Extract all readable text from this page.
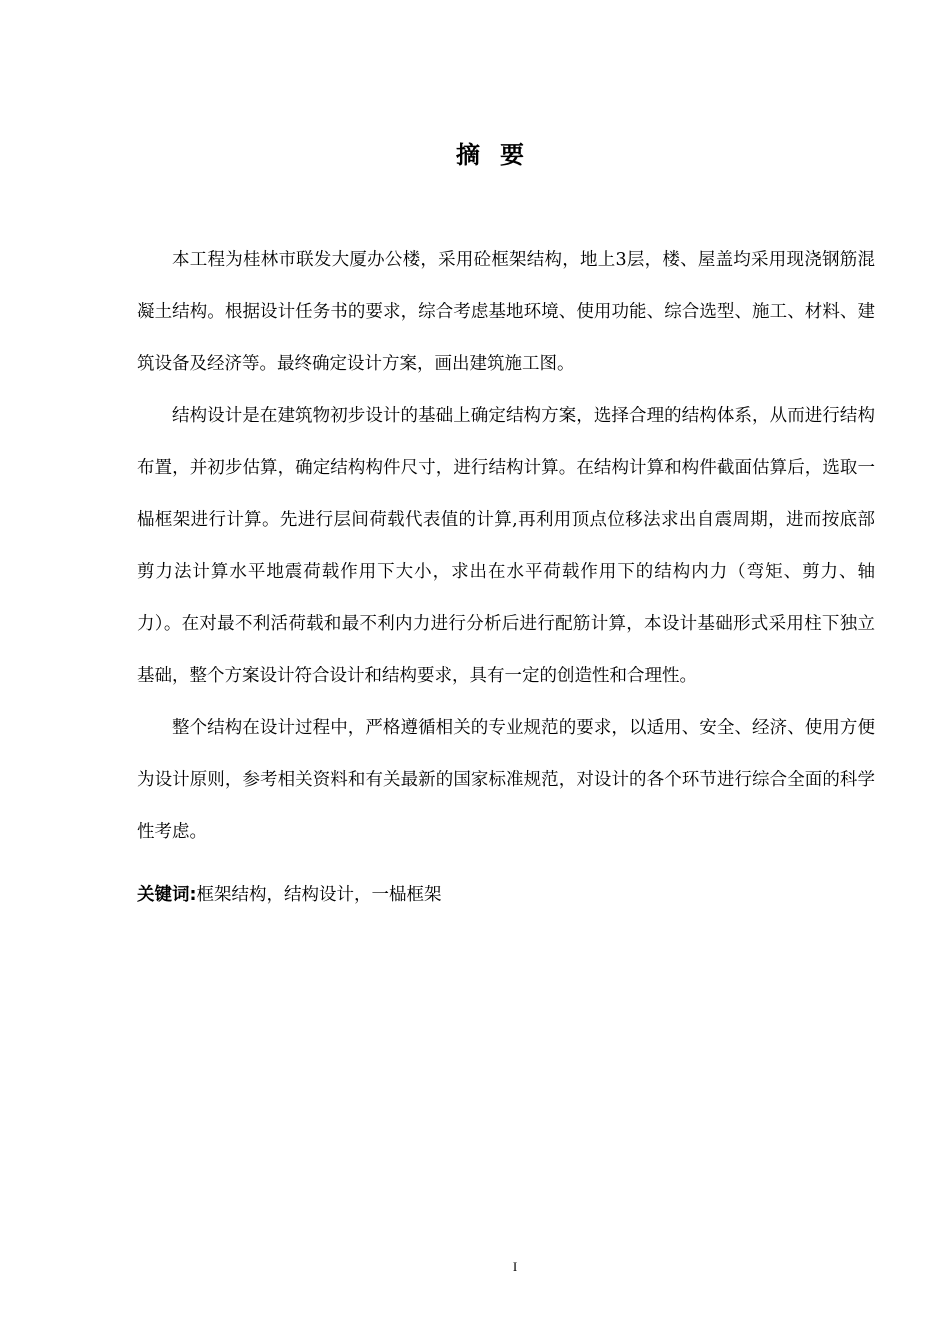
摘要

本工程为桂林市联发大厦办公楼，采用砼框架结构，地上3层，楼、屋盖均采用现浇钢筋混凝土结构。根据设计任务书的要求，综合考虑基地环境、使用功能、综合选型、施工、材料、建筑设备及经济等。最终确定设计方案，画出建筑施工图。

结构设计是在建筑物初步设计的基础上确定结构方案，选择合理的结构体系，从而进行结构布置，并初步估算，确定结构构件尺寸，进行结构计算。在结构计算和构件截面估算后，选取一榀框架进行计算。先进行层间荷载代表值的计算,再利用顶点位移法求出自震周期，进而按底部剪力法计算水平地震荷载作用下大小，求出在水平荷载作用下的结构内力（弯矩、剪力、轴力）。在对最不利活荷载和最不利内力进行分析后进行配筋计算，本设计基础形式采用柱下独立基础，整个方案设计符合设计和结构要求，具有一定的创造性和合理性。

整个结构在设计过程中，严格遵循相关的专业规范的要求，以适用、安全、经济、使用方便为设计原则，参考相关资料和有关最新的国家标准规范，对设计的各个环节进行综合全面的科学性考虑。

关键词:框架结构，结构设计，一榀框架
I
